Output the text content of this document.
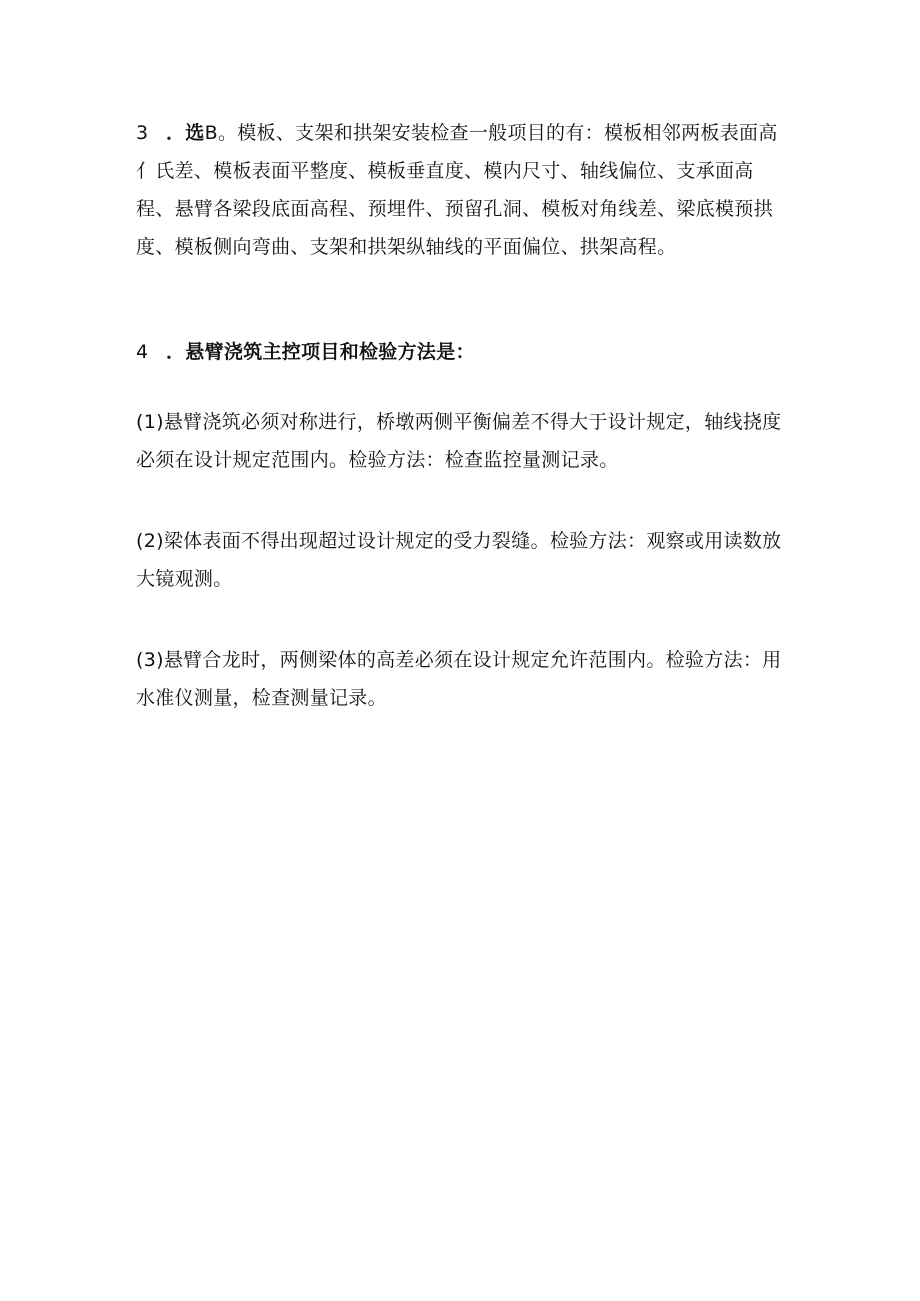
3 ．选B。模板、支架和拱架安装检查一般项目的有：模板相邻两板表面高亻氏差、模板表面平整度、模板垂直度、模内尺寸、轴线偏位、支承面高程、悬臂各梁段底面高程、预埋件、预留孔洞、模板对角线差、梁底模预拱度、模板侧向弯曲、支架和拱架纵轴线的平面偏位、拱架高程。

4 ．悬臂浇筑主控项目和检验方法是：

(1)悬臂浇筑必须对称进行，桥墩两侧平衡偏差不得大于设计规定，轴线挠度必须在设计规定范围内。检验方法：检查监控量测记录。

(2)梁体表面不得出现超过设计规定的受力裂缝。检验方法：观察或用读数放大镜观测。

(3)悬臂合龙时，两侧梁体的高差必须在设计规定允许范围内。检验方法：用水准仪测量，检查测量记录。
